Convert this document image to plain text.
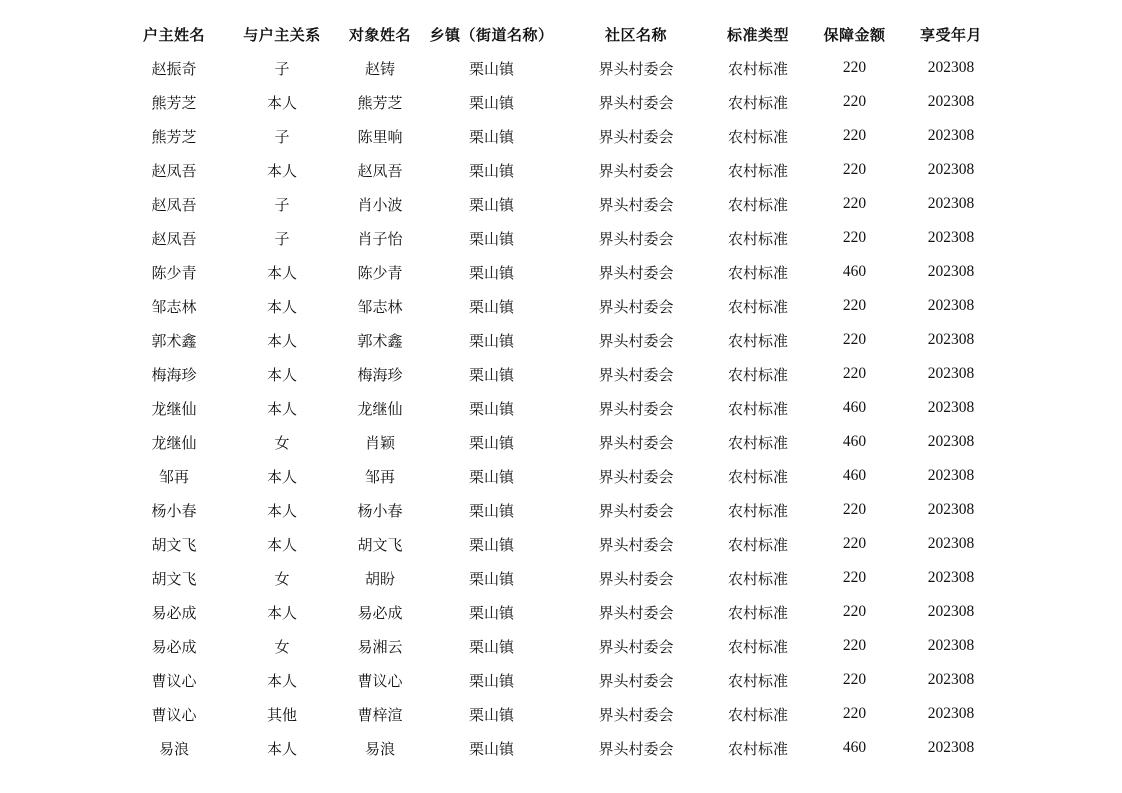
户主姓名	与户主关系	对象姓名	乡镇（街道名称）	社区名称	标准类型	保障金额	享受年月
赵振奇	子	赵铸	栗山镇	界头村委会	农村标准	220	202308
熊芳芝	本人	熊芳芝	栗山镇	界头村委会	农村标准	220	202308
熊芳芝	子	陈里响	栗山镇	界头村委会	农村标准	220	202308
赵凤吾	本人	赵凤吾	栗山镇	界头村委会	农村标准	220	202308
赵凤吾	子	肖小波	栗山镇	界头村委会	农村标准	220	202308
赵凤吾	子	肖子怡	栗山镇	界头村委会	农村标准	220	202308
陈少青	本人	陈少青	栗山镇	界头村委会	农村标准	460	202308
邹志林	本人	邹志林	栗山镇	界头村委会	农村标准	220	202308
郭术鑫	本人	郭术鑫	栗山镇	界头村委会	农村标准	220	202308
梅海珍	本人	梅海珍	栗山镇	界头村委会	农村标准	220	202308
龙继仙	本人	龙继仙	栗山镇	界头村委会	农村标准	460	202308
龙继仙	女	肖颖	栗山镇	界头村委会	农村标准	460	202308
邹再	本人	邹再	栗山镇	界头村委会	农村标准	460	202308
杨小春	本人	杨小春	栗山镇	界头村委会	农村标准	220	202308
胡文飞	本人	胡文飞	栗山镇	界头村委会	农村标准	220	202308
胡文飞	女	胡盼	栗山镇	界头村委会	农村标准	220	202308
易必成	本人	易必成	栗山镇	界头村委会	农村标准	220	202308
易必成	女	易湘云	栗山镇	界头村委会	农村标准	220	202308
曹议心	本人	曹议心	栗山镇	界头村委会	农村标准	220	202308
曹议心	其他	曹梓渲	栗山镇	界头村委会	农村标准	220	202308
易浪	本人	易浪	栗山镇	界头村委会	农村标准	460	202308
